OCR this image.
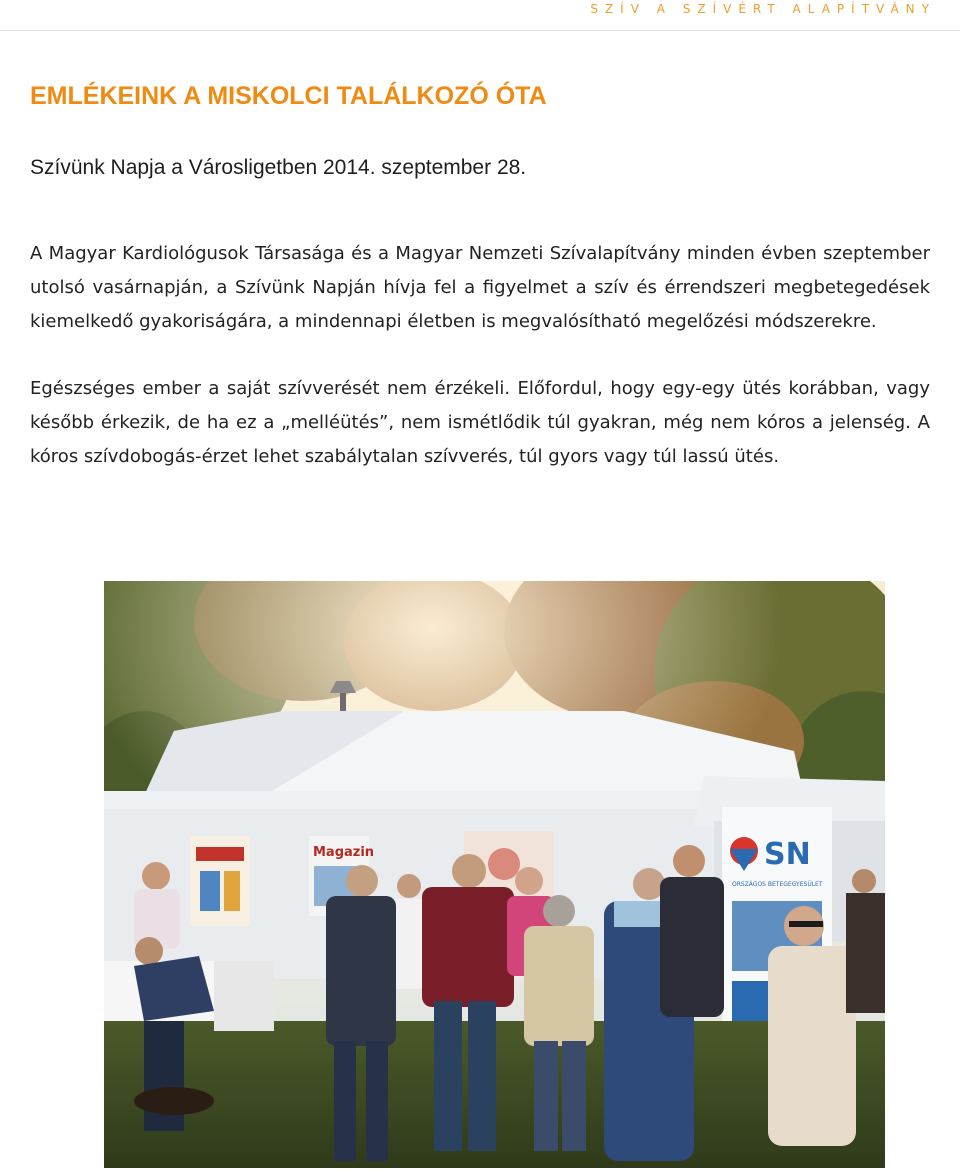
SZÍV A SZÍVÉRT ALAPÍTVÁNY
EMLÉKEINK A MISKOLCI TALÁLKOZÓ ÓTA

Szívünk Napja a Városligetben 2014. szeptember 28.

A Magyar Kardiológusok Társasága és a Magyar Nemzeti Szívalapítvány minden évben szeptember utolsó vasárnapján, a Szívünk Napján hívja fel a figyelmet a szív és érrendszeri megbetegedések kiemelkedő gyakoriságára, a mindennapi életben is megvalósítható megelőzési módszerekre.

Egészséges ember a saját szívverését nem érzékeli. Előfordul, hogy egy-egy ütés korábban, vagy később érkezik, de ha ez a „melléütés”, nem ismétlődik túl gyakran, még nem kóros a jelenség. A kóros szívdobogás-érzet lehet szabálytalan szívverés, túl gyors vagy túl lassú ütés.

Magazin	SN
ORSZÁGOS BETEGEGYESÜLET
